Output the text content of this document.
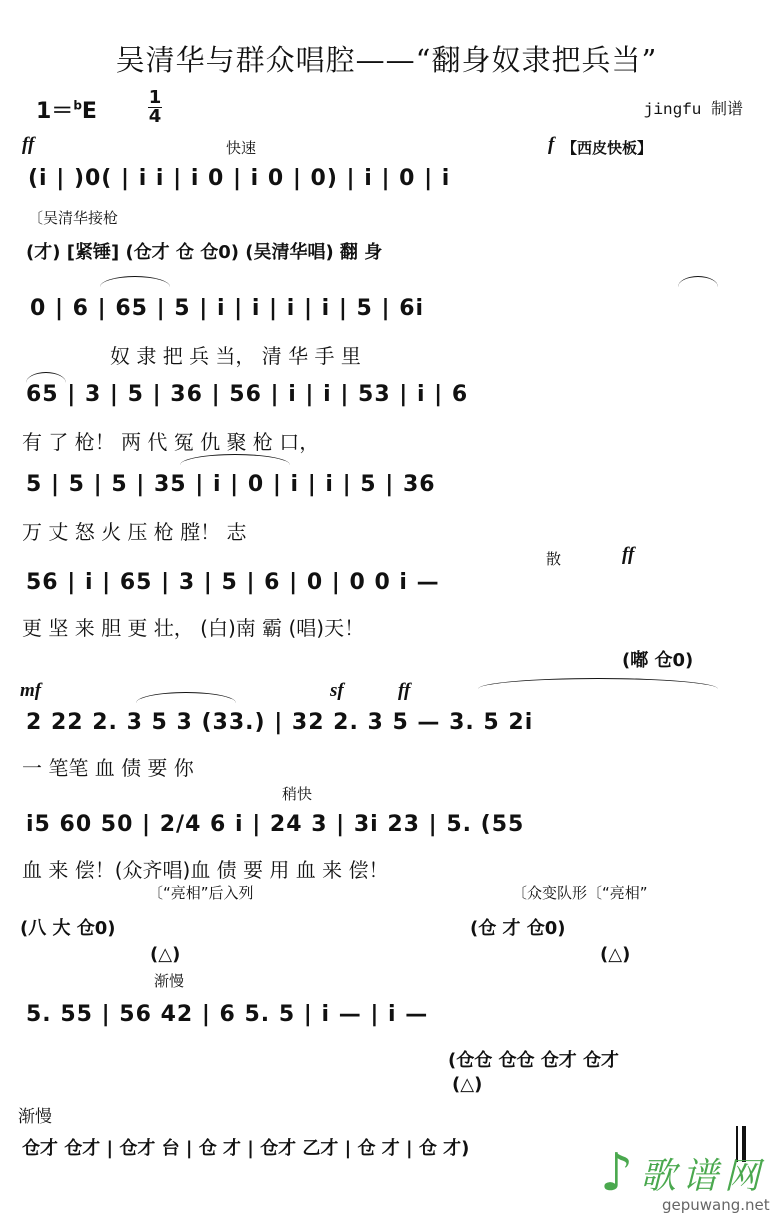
吴清华与群众唱腔——“翻身奴隶把兵当”
1＝$^b$E
1
4	jingfu 制谱
ff	快速	f 【西皮快板】
(i | )0( | i i | i 0 | i 0 | 0) | i | 0 | i
〔吴清华接枪
(才) [紧锤] (仓才 仓 仓0) (吴清华唱) 翻 身
0 | 6 | 65 | 5 | i | i | i | i | 5 | 6i
奴 隶 把 兵 当， 清 华 手 里
65 | 3 | 5 | 36 | 56 | i | i | 53 | i | 6
有 了 枪！ 两 代 冤 仇 聚 枪 口，
5 | 5 | 5 | 35 | i | 0 | i | i | 5 | 36
万 丈 怒 火 压 枪 膛！ 志
散	ff
56 | i | 65 | 3 | 5 | 6 | 0 | 0 0 i —
更 坚 来 胆 更 壮， (白)南 霸 (唱)天！
(嘟 仓0)
mf	sf	ff
2 22 2. 3 5 3 (33.) | 32 2. 3 5 — 3. 5 2i
一 笔笔 血 债 要 你
稍快
i5 60 50 | 2/4 6 i | 24 3 | 3i 23 | 5. (55
血 来 偿！(众齐唱)血 债 要 用 血 来 偿！
〔“亮相”后入列	〔众变队形〔“亮相”
(八 大 仓0)	(仓 才 仓0)
(△)	(△)
渐慢
5. 55 | 56 42 | 6 5. 5 | i — | i —
(仓仓 仓仓 仓才 仓才
(△)
渐慢
仓才 仓才 | 仓才 台 | 仓 才 | 仓才 乙才 | 仓 才 | 仓 才)	♪ 歌谱网
gepuwang.net
